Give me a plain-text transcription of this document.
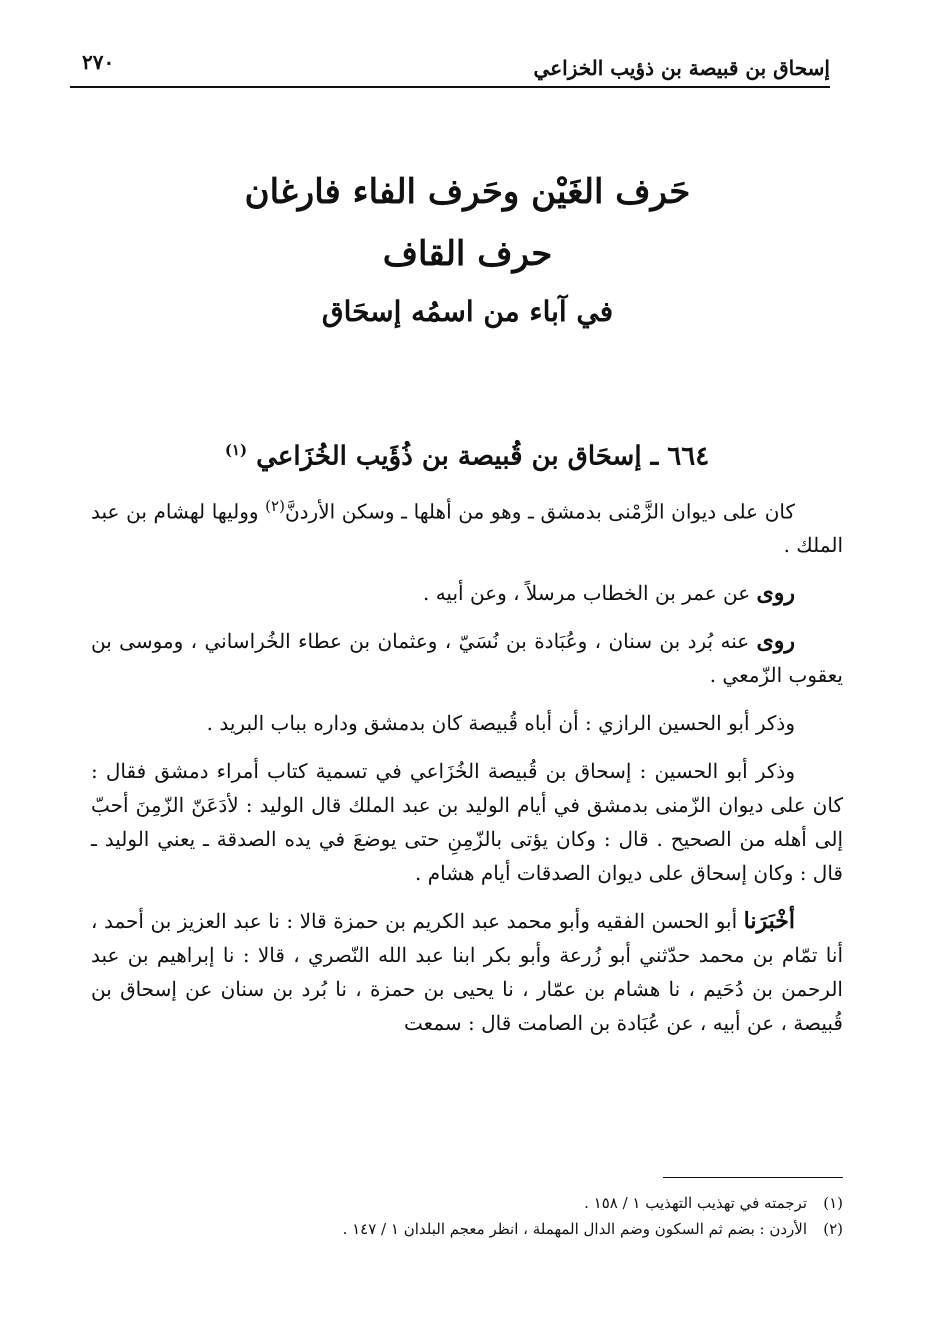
إسحاق بن قبيصة بن ذؤيب الخزاعي
٢٧٠
حَرف الغَيْن وحَرف الفاء فارغان
حرف القاف
في آباء من اسمُه إسحَاق
٦٦٤ ـ إسحَاق بن قُبيصة بن ذُؤَيب الخُزَاعي $^{(١)}$

كان على ديوان الزَّمْنى بدمشق ـ وهو من أهلها ـ وسكن الأردنَّ$^{(٢)}$ ووليها لهشام بن عبد الملك .

روى عن عمر بن الخطاب مرسلاً ، وعن أبيه .

روى عنه بُرد بن سنان ، وعُبَادة بن نُسَيّ ، وعثمان بن عطاء الخُراساني ، وموسى بن يعقوب الزّمعي .

وذكر أبو الحسين الرازي : أن أباه قُبيصة كان بدمشق وداره بباب البريد .

وذكر أبو الحسين : إسحاق بن قُبيصة الخُزَاعي في تسمية كتاب أمراء دمشق فقال : كان على ديوان الزّمنى بدمشق في أيام الوليد بن عبد الملك قال الوليد : لأدَعَنّ الزّمِنَ أحبّ إلى أهله من الصحيح . قال : وكان يؤتى بالزّمِنِ حتى يوضعَ في يده الصدقة ـ يعني الوليد ـ قال : وكان إسحاق على ديوان الصدقات أيام هشام .

أخْبَرَنا أبو الحسن الفقيه وأبو محمد عبد الكريم بن حمزة قالا : نا عبد العزيز بن أحمد ، أنا تمّام بن محمد حدّثني أبو زُرعة وأبو بكر ابنا عبد الله النّصري ، قالا : نا إبراهيم بن عبد الرحمن بن دُحَيم ، نا هشام بن عمّار ، نا يحيى بن حمزة ، نا بُرد بن سنان عن إسحاق بن قُبيصة ، عن أبيه ، عن عُبَادة بن الصامت قال : سمعت

(١)ترجمته في تهذيب التهذيب ١ / ١٥٨ .

(٢)الأردن : بضم ثم السكون وضم الدال المهملة ، انظر معجم البلدان ١ / ١٤٧ .
